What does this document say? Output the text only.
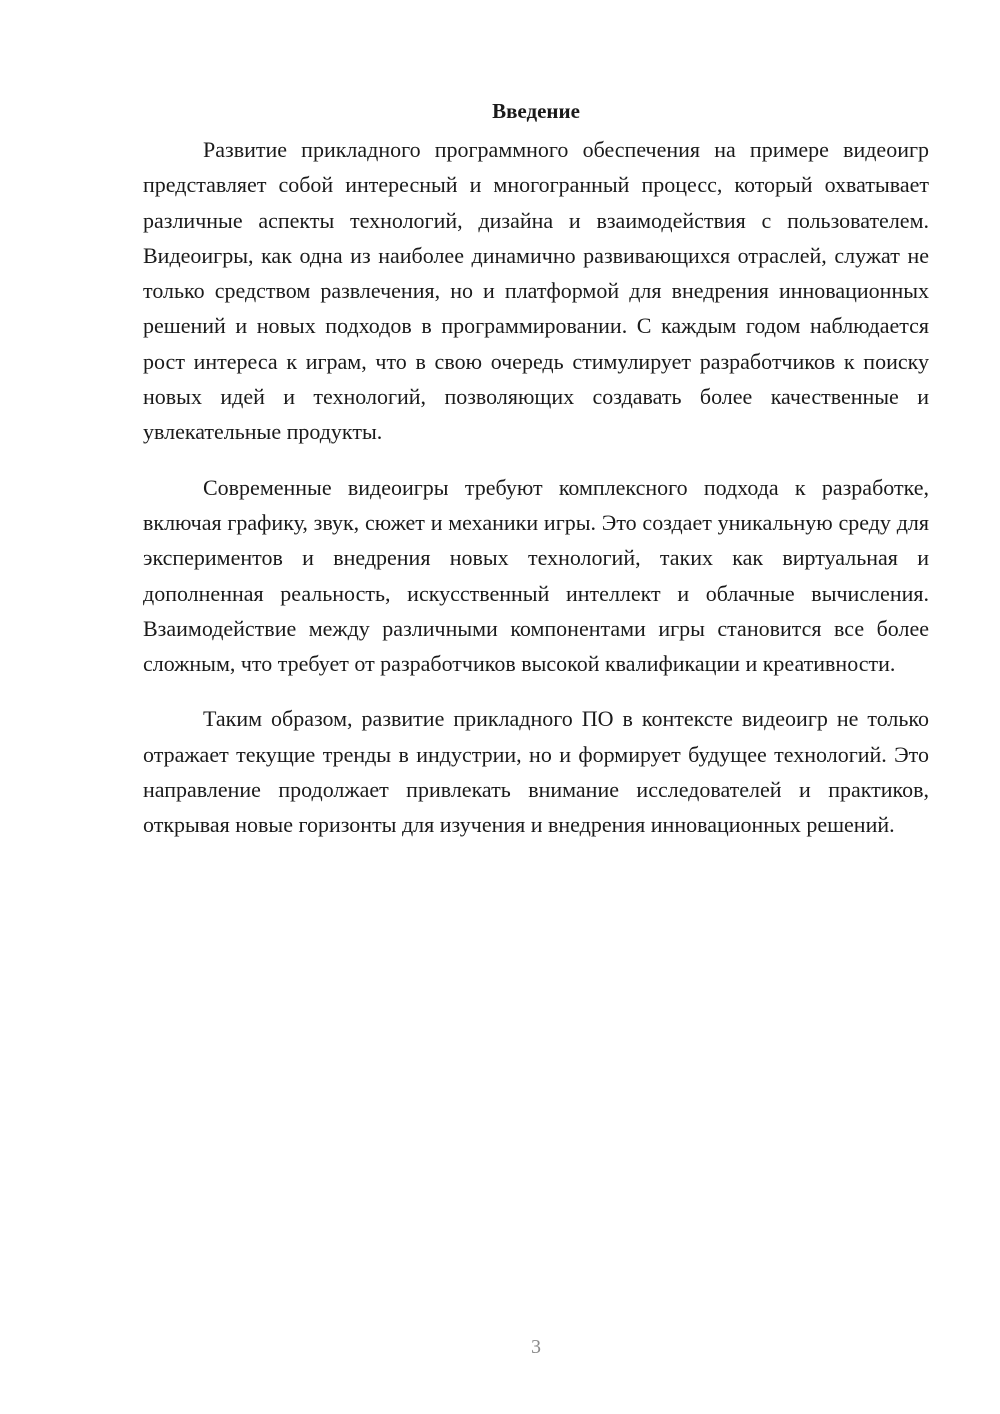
Введение

Развитие прикладного программного обеспечения на примере видеоигр представляет собой интересный и многогранный процесс, который охватывает различные аспекты технологий, дизайна и взаимодействия с пользователем. Видеоигры, как одна из наиболее динамично развивающихся отраслей, служат не только средством развлечения, но и платформой для внедрения инновационных решений и новых подходов в программировании. С каждым годом наблюдается рост интереса к играм, что в свою очередь стимулирует разработчиков к поиску новых идей и технологий, позволяющих создавать более качественные и увлекательные продукты.

Современные видеоигры требуют комплексного подхода к разработке, включая графику, звук, сюжет и механики игры. Это создает уникальную среду для экспериментов и внедрения новых технологий, таких как виртуальная и дополненная реальность, искусственный интеллект и облачные вычисления. Взаимодействие между различными компонентами игры становится все более сложным, что требует от разработчиков высокой квалификации и креативности.

Таким образом, развитие прикладного ПО в контексте видеоигр не только отражает текущие тренды в индустрии, но и формирует будущее технологий. Это направление продолжает привлекать внимание исследователей и практиков, открывая новые горизонты для изучения и внедрения инновационных решений.

3
